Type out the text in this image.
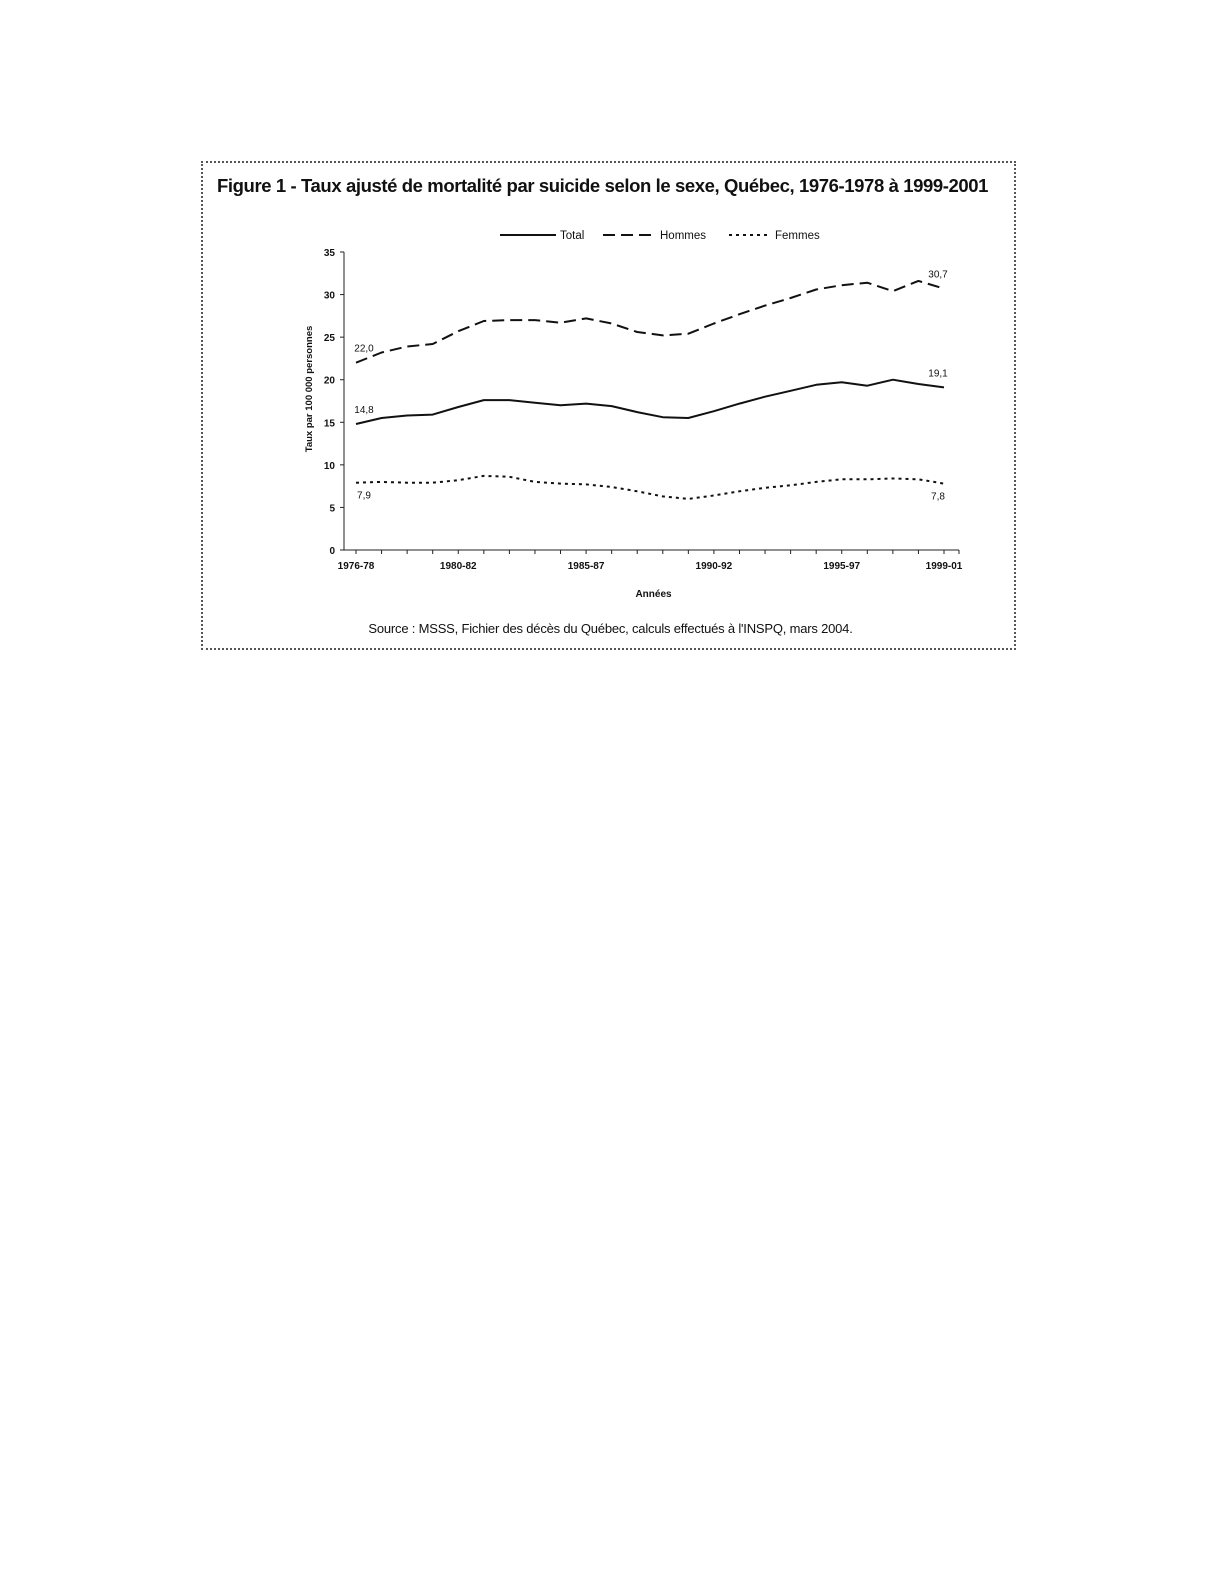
Figure 1 - Taux ajusté de mortalité par suicide selon le sexe, Québec, 1976-1978 à 1999-2001
0
5
10
15
20
25
30
35
1976-78	1980-82	1985-87	1990-92	1995-97	1999-01
Années
Taux par 100 000 personnes	22,0
14,8
7,9
30,7
19,1
7,8
Total	Hommes	Femmes
Source : MSSS, Fichier des décès du Québec, calculs effectués à l'INSPQ, mars 2004.
